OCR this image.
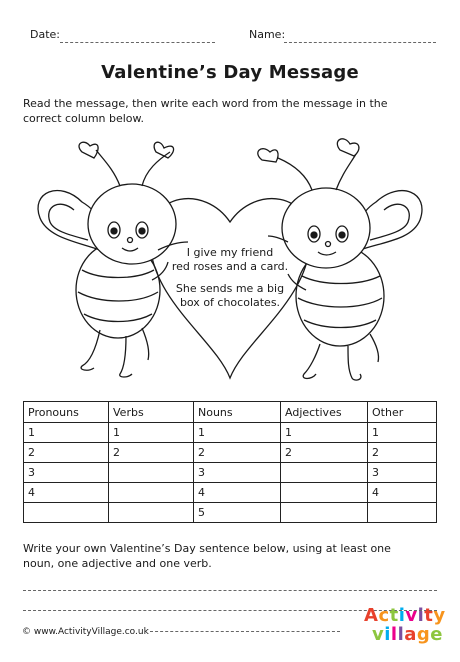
Date:	Name:
Valentine’s Day Message
Read the message, then write each word from the message in the correct column below.
I give my friend
red roses and a card.
She sends me a big
box of chocolates.
Pronouns	Verbs	Nouns	Adjectives	Other
1	1	1	1	1
2	2	2	2	2
3		3		3
4		4		4
		5		
Write your own Valentine’s Day sentence below, using at least one noun, one adjective and one verb.
© www.ActivityVillage.co.uk
Activity
village
